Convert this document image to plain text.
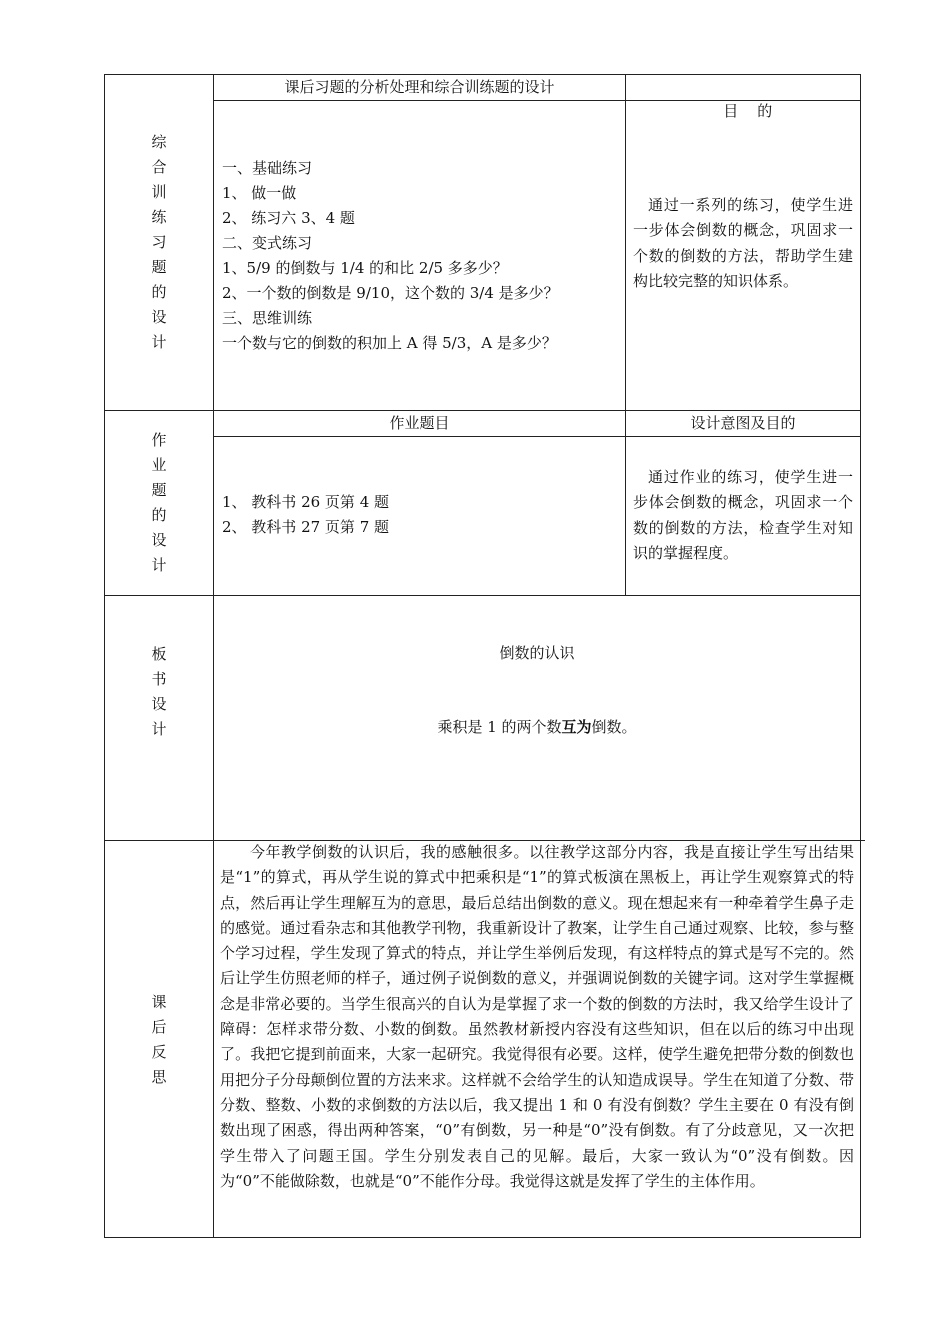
综合训练习题的设计
课后习题的分析处理和综合训练题的设计

目    的

一、基础练习
1、 做一做
2、 练习六 3、4 题
二、变式练习
1、5/9 的倒数与 1/4 的和比 2/5 多多少？
2、一个数的倒数是 9/10，这个数的 3/4 是多少？
三、思维训练
一个数与它的倒数的积加上 A 得 5/3，A 是多少？
通过一系列的练习，使学生进一步体会倒数的概念，巩固求一个数的倒数的方法，帮助学生建构比较完整的知识体系。
作业题的设计
作业题目	设计意图及目的
1、 教科书 26 页第 4 题
2、 教科书 27 页第 7 题
通过作业的练习，使学生进一步体会倒数的概念，巩固求一个数的倒数的方法，检查学生对知识的掌握程度。
板书设计
倒数的认识
乘积是 1 的两个数互为倒数。
课后反思
今年教学倒数的认识后，我的感触很多。以往教学这部分内容，我是直接让学生写出结果是“1”的算式，再从学生说的算式中把乘积是“1”的算式板演在黑板上，再让学生观察算式的特点，然后再让学生理解互为的意思，最后总结出倒数的意义。现在想起来有一种牵着学生鼻子走的感觉。通过看杂志和其他教学刊物，我重新设计了教案，让学生自己通过观察、比较，参与整个学习过程，学生发现了算式的特点，并让学生举例后发现，有这样特点的算式是写不完的。然后让学生仿照老师的样子，通过例子说倒数的意义，并强调说倒数的关键字词。这对学生掌握概念是非常必要的。当学生很高兴的自认为是掌握了求一个数的倒数的方法时，我又给学生设计了障碍：怎样求带分数、小数的倒数。虽然教材新授内容没有这些知识，但在以后的练习中出现了。我把它提到前面来，大家一起研究。我觉得很有必要。这样，使学生避免把带分数的倒数也用把分子分母颠倒位置的方法来求。这样就不会给学生的认知造成误导。学生在知道了分数、带分数、整数、小数的求倒数的方法以后，我又提出 1 和 0 有没有倒数？学生主要在 0 有没有倒数出现了困惑，得出两种答案，“0”有倒数，另一种是“0”没有倒数。有了分歧意见，又一次把学生带入了问题王国。学生分别发表自己的见解。最后，大家一致认为“0”没有倒数。因为“0”不能做除数，也就是“0”不能作分母。我觉得这就是发挥了学生的主体作用。
